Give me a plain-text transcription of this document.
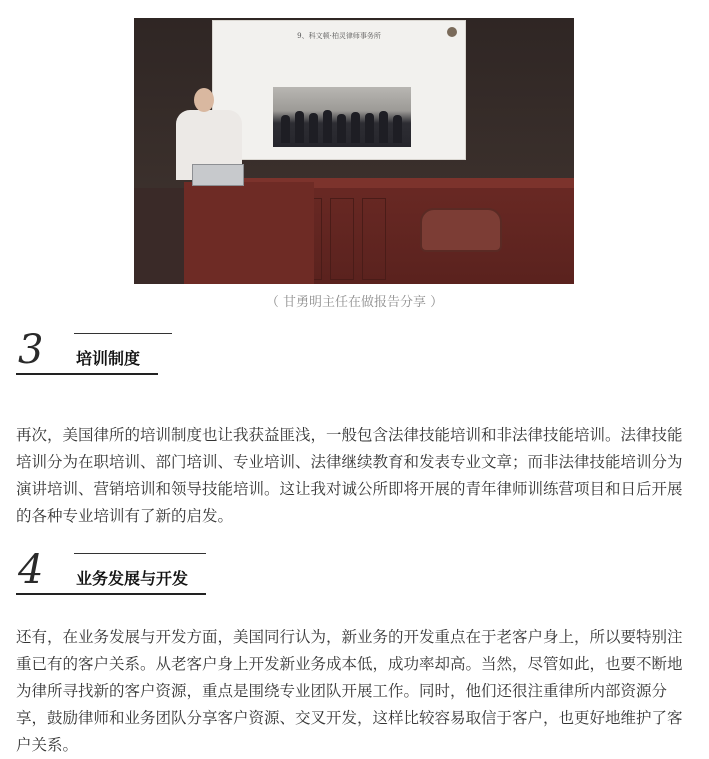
9、科文顿·柏灵律师事务所
（ 甘勇明主任在做报告分享 ）
3 培训制度
再次，美国律所的培训制度也让我获益匪浅，一般包含法律技能培训和非法律技能培训。法律技能培训分为在职培训、部门培训、专业培训、法律继续教育和发表专业文章；而非法律技能培训分为演讲培训、营销培训和领导技能培训。这让我对诚公所即将开展的青年律师训练营项目和日后开展的各种专业培训有了新的启发。
4 业务发展与开发
还有，在业务发展与开发方面，美国同行认为，新业务的开发重点在于老客户身上，所以要特别注重已有的客户关系。从老客户身上开发新业务成本低，成功率却高。当然，尽管如此，也要不断地为律所寻找新的客户资源，重点是围绕专业团队开展工作。同时，他们还很注重律所内部资源分享，鼓励律师和业务团队分享客户资源、交叉开发，这样比较容易取信于客户，也更好地维护了客户关系。
